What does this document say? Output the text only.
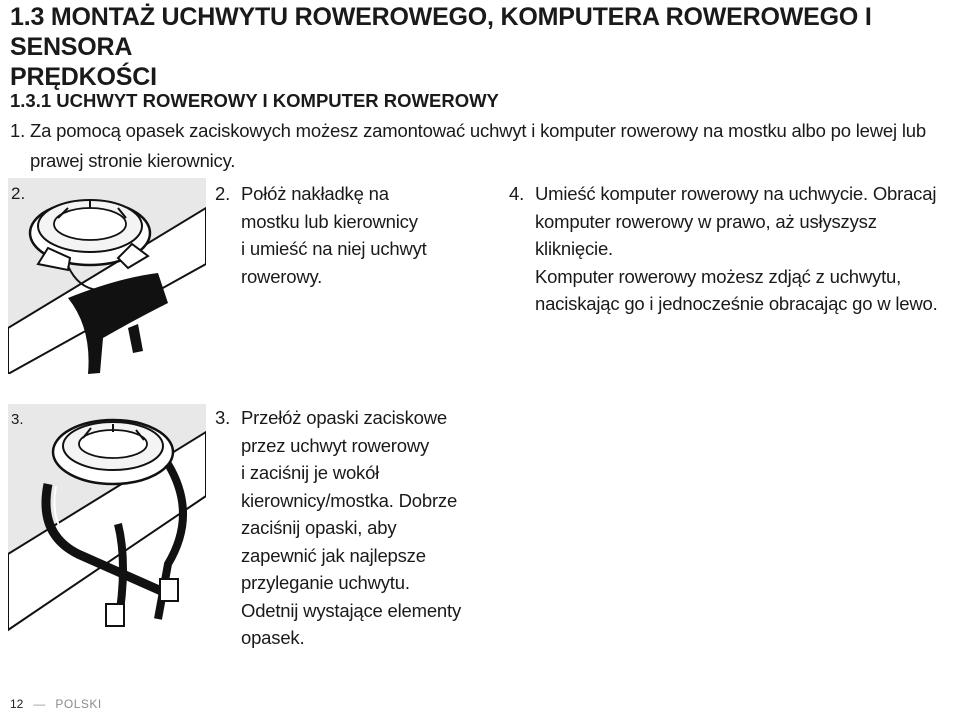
1.3 MONTAŻ UCHWYTU ROWEROWEGO, KOMPUTERA ROWEROWEGO I SENSORA
PRĘDKOŚCI
1.3.1 UCHWYT ROWEROWY I KOMPUTER ROWEROWY
1. Za pomocą opasek zaciskowych możesz zamontować uchwyt i komputer rowerowy na mostku albo po lewej lub
prawej stronie kierownicy.
2.	2. Połóż nakładkę na
mostku lub kierownicy
i umieść na niej uchwyt
rowerowy.
4. Umieść komputer rowerowy na uchwycie. Obracaj
komputer rowerowy w prawo, aż usłyszysz kliknięcie.
Komputer rowerowy możesz zdjąć z uchwytu,
naciskając go i jednocześnie obracając go w lewo.
3.	3. Przełóż opaski zaciskowe
przez uchwyt rowerowy
i zaciśnij je wokół
kierownicy/mostka. Dobrze
zaciśnij opaski, aby
zapewnić jak najlepsze
przyleganie uchwytu.
Odetnij wystające elementy
opasek.
12 — POLSKI
